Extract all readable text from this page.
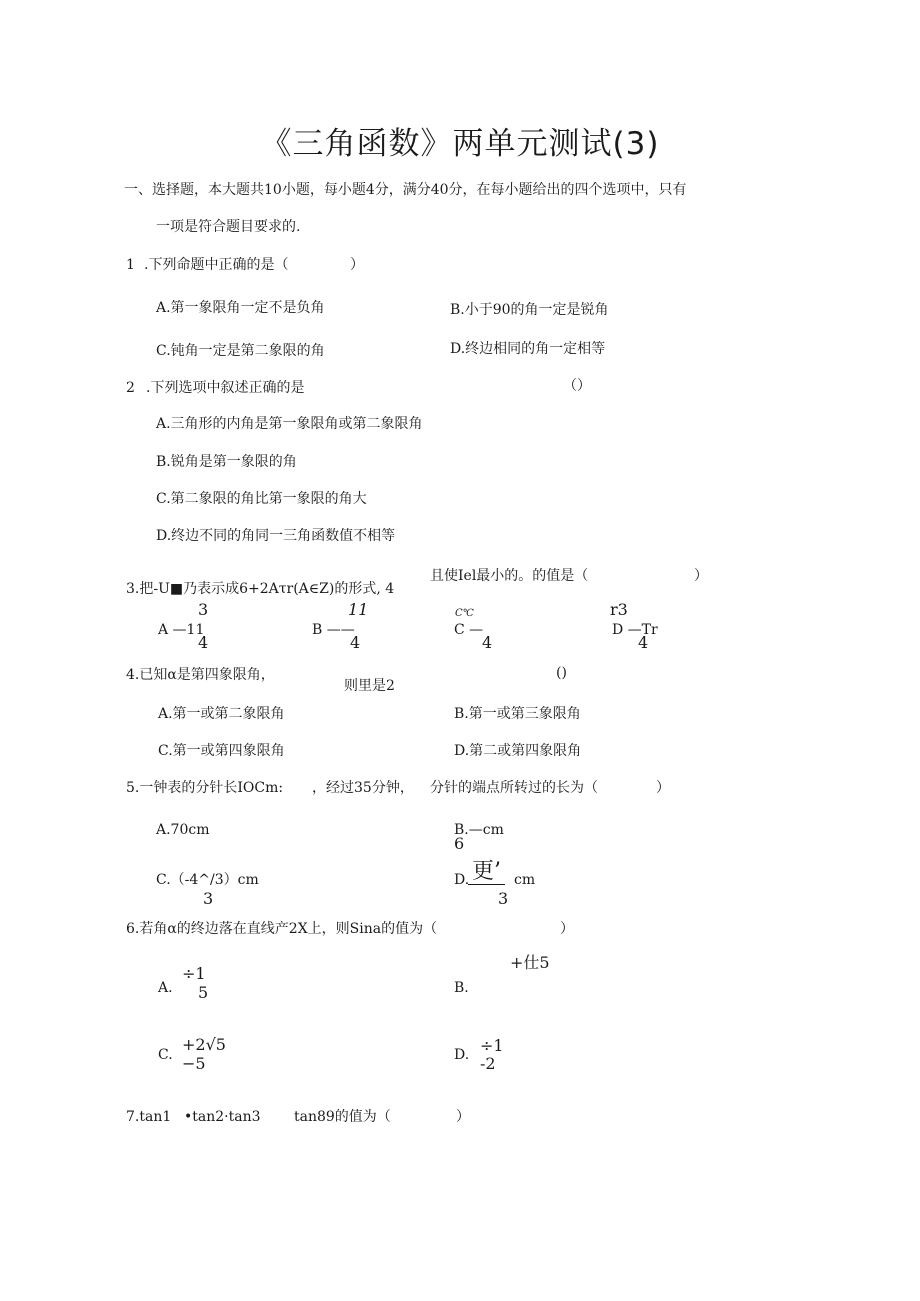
《三角函数》两单元测试(3)
一、选择题，本大题共10小题，每小题4分，满分40分，在每小题给出的四个选项中，只有
一项是符合题目要求的.
1 .下列命题中正确的是（	）
A.第一象限角一定不是负角	B.小于90的角一定是锐角
C.钝角一定是第二象限的角	D.终边相同的角一定相等
2 .下列选项中叙述正确的是	（）
A.三角形的内角是第一象限角或第二象限角
B.锐角是第一象限的角
C.第二象限的角比第一象限的角大
D.终边不同的角同一三角函数值不相等
3.把-U■乃表示成6+2Aτr(A∈Z)的形式, 4
且使Iel最小的。的值是（	）
3
A —11
4
11
B ——
4
C℃
C —
4
r3
D —Tr
4
4.已知α是第四象限角，
则里是2
()
A.第一或第二象限角	B.第一或第三象限角
C.第一或第四象限角	D.第二或第四象限角
5.一钟表的分针长IOCm: ，经过35分钟， 分针的端点所转过的长为（	）
A.70cm	B.—cm
6
C.（-4^/3）cm
3
D. 更’ cm
3
6.若角α的终边落在直线产2X上，则Sina的值为（	）
A.
÷1
5
+仕5
B.
C.
+2√5
−5	D. ÷1
-2
7.tan1 •tan2·tan3 tan89的值为（	）
